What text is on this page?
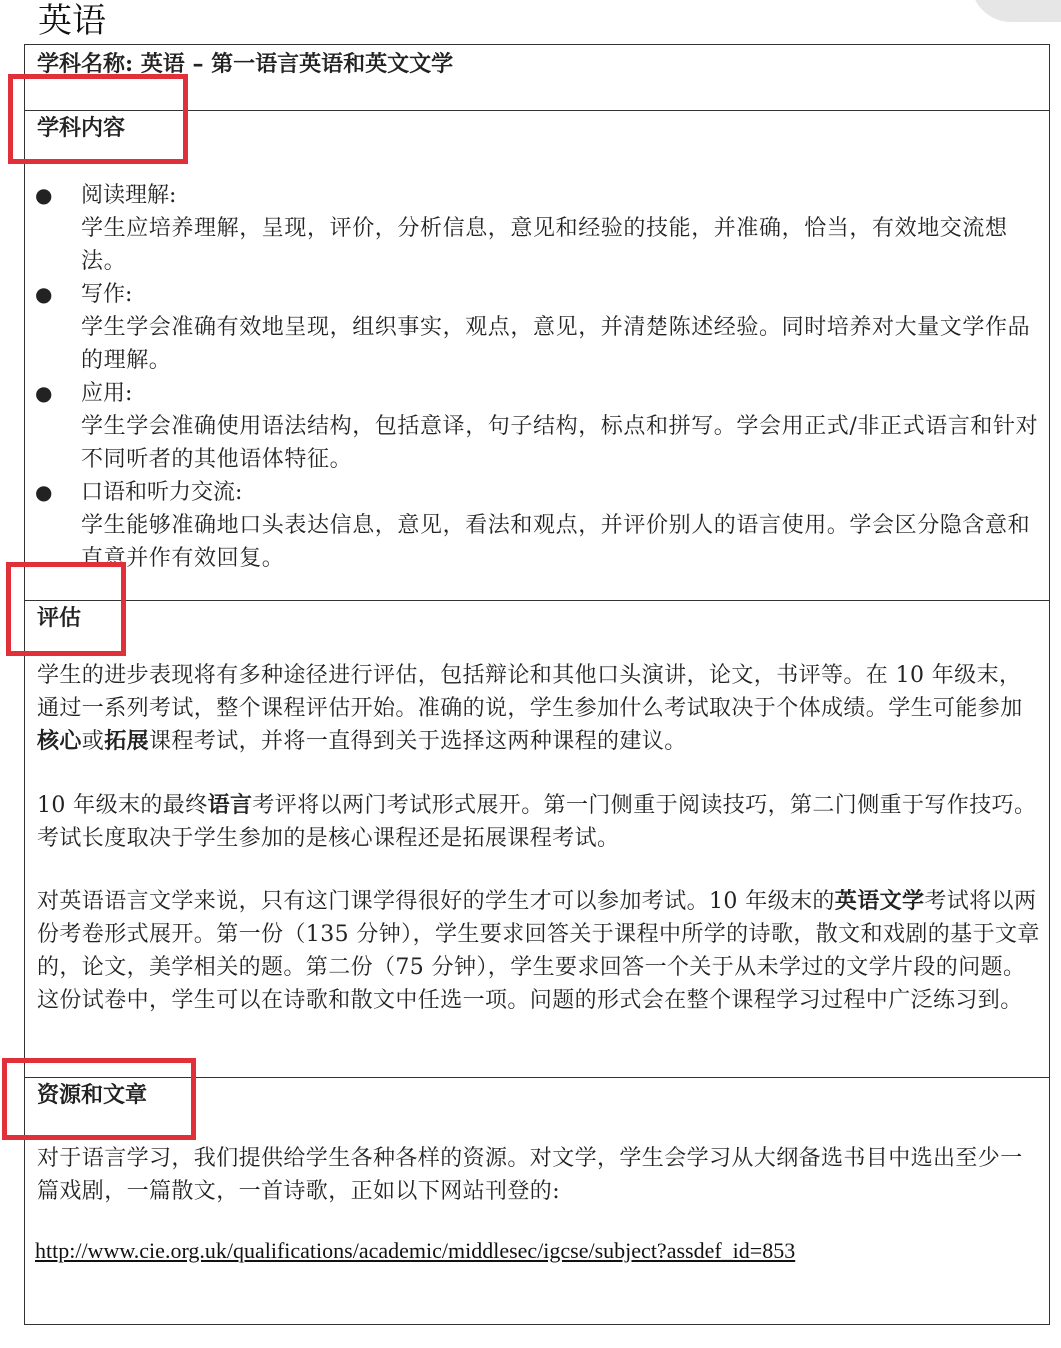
英语

学科名称: 英语 – 第一语言英语和英文文学

学科内容

● 阅读理解:
学生应培养理解，呈现，评价，分析信息，意见和经验的技能，并准确，恰当，有效地交流想法。
● 写作:
学生学会准确有效地呈现，组织事实，观点，意见，并清楚陈述经验。同时培养对大量文学作品的理解。
● 应用:
学生学会准确使用语法结构，包括意译，句子结构，标点和拼写。学会用正式/非正式语言和针对不同听者的其他语体特征。
● 口语和听力交流:
学生能够准确地口头表达信息，意见，看法和观点，并评价别人的语言使用。学会区分隐含意和直意并作有效回复。

评估

学生的进步表现将有多种途径进行评估，包括辩论和其他口头演讲，论文，书评等。在 10 年级末，通过一系列考试，整个课程评估开始。准确的说，学生参加什么考试取决于个体成绩。学生可能参加核心或拓展课程考试，并将一直得到关于选择这两种课程的建议。

10 年级末的最终语言考评将以两门考试形式展开。第一门侧重于阅读技巧，第二门侧重于写作技巧。考试长度取决于学生参加的是核心课程还是拓展课程考试。

对英语语言文学来说，只有这门课学得很好的学生才可以参加考试。10 年级末的英语文学考试将以两份考卷形式展开。第一份（135 分钟），学生要求回答关于课程中所学的诗歌，散文和戏剧的基于文章的，论文，美学相关的题。第二份（75 分钟），学生要求回答一个关于从未学过的文学片段的问题。这份试卷中，学生可以在诗歌和散文中任选一项。问题的形式会在整个课程学习过程中广泛练习到。

资源和文章

对于语言学习，我们提供给学生各种各样的资源。对文学，学生会学习从大纲备选书目中选出至少一篇戏剧，一篇散文，一首诗歌，正如以下网站刊登的:

http://www.cie.org.uk/qualifications/academic/middlesec/igcse/subject?assdef_id=853
